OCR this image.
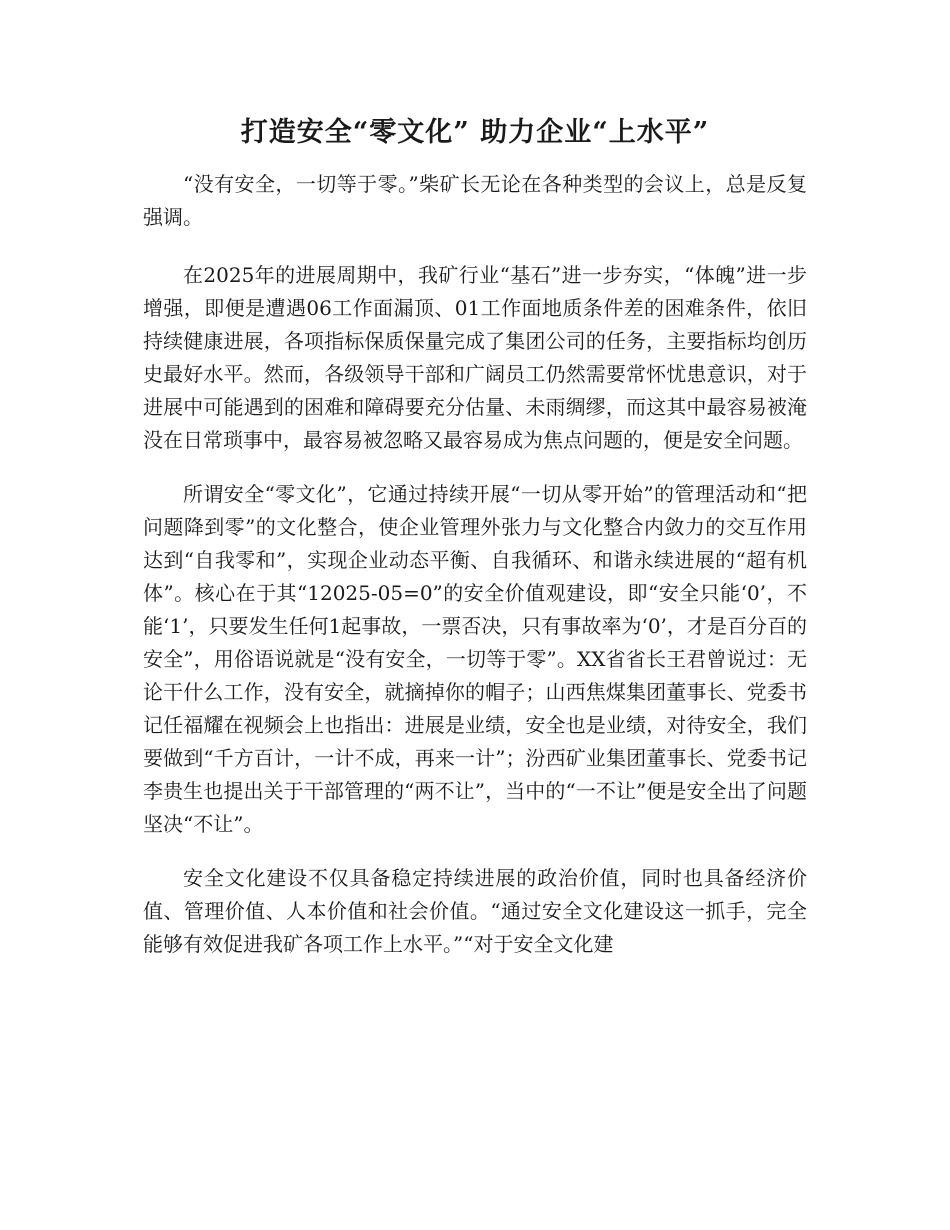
打造安全“零文化” 助力企业“上水平”

“没有安全，一切等于零。”柴矿长无论在各种类型的会议上，总是反复强调。

在2025年的进展周期中，我矿行业“基石”进一步夯实，“体魄”进一步增强，即便是遭遇06工作面漏顶、01工作面地质条件差的困难条件，依旧持续健康进展，各项指标保质保量完成了集团公司的任务，主要指标均创历史最好水平。然而，各级领导干部和广阔员工仍然需要常怀忧患意识，对于进展中可能遇到的困难和障碍要充分估量、未雨绸缪，而这其中最容易被淹没在日常琐事中，最容易被忽略又最容易成为焦点问题的，便是安全问题。

所谓安全“零文化”，它通过持续开展“一切从零开始”的管理活动和“把问题降到零”的文化整合，使企业管理外张力与文化整合内敛力的交互作用达到“自我零和”，实现企业动态平衡、自我循环、和谐永续进展的“超有机体”。核心在于其“12025-05=0”的安全价值观建设，即“安全只能‘0’，不能‘1’，只要发生任何1起事故，一票否决，只有事故率为‘0’，才是百分百的安全”，用俗语说就是“没有安全，一切等于零”。XX省省长王君曾说过：无论干什么工作，没有安全，就摘掉你的帽子；山西焦煤集团董事长、党委书记任福耀在视频会上也指出：进展是业绩，安全也是业绩，对待安全，我们要做到“千方百计，一计不成，再来一计”；汾西矿业集团董事长、党委书记李贵生也提出关于干部管理的“两不让”，当中的“一不让”便是安全出了问题坚决“不让”。

安全文化建设不仅具备稳定持续进展的政治价值，同时也具备经济价值、管理价值、人本价值和社会价值。“通过安全文化建设这一抓手，完全能够有效促进我矿各项工作上水平。”“对于安全文化建
